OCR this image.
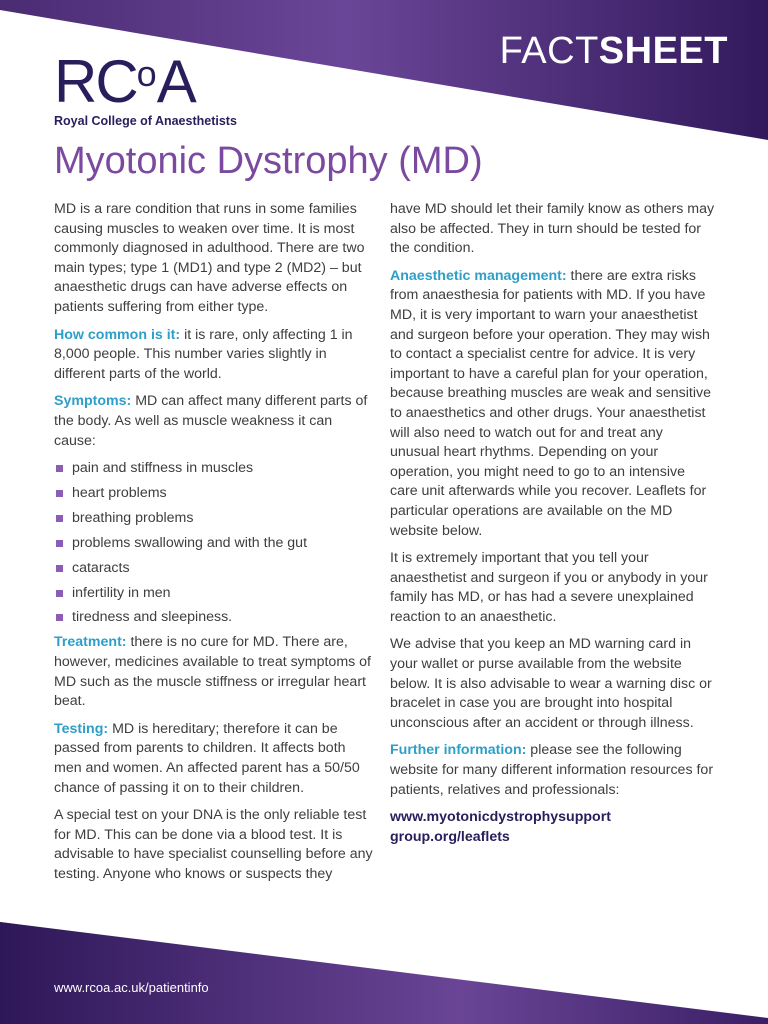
FACTSHEET
$RC^oA$
Royal College of Anaesthetists
Myotonic Dystrophy (MD)

MD is a rare condition that runs in some families causing muscles to weaken over time. It is most commonly diagnosed in adulthood. There are two main types; type 1 (MD1) and type 2 (MD2) – but anaesthetic drugs can have adverse effects on patients suffering from either type.

How common is it: it is rare, only affecting 1 in 8,000 people. This number varies slightly in different parts of the world.

Symptoms: MD can affect many different parts of the body. As well as muscle weakness it can cause:

pain and stiffness in muscles
heart problems
breathing problems
problems swallowing and with the gut
cataracts
infertility in men
tiredness and sleepiness.

Treatment: there is no cure for MD. There are, however, medicines available to treat symptoms of MD such as the muscle stiffness or irregular heart beat.

Testing: MD is hereditary; therefore it can be passed from parents to children. It affects both men and women. An affected parent has a 50/50 chance of passing it on to their children.

A special test on your DNA is the only reliable test for MD. This can be done via a blood test. It is advisable to have specialist counselling before any testing. Anyone who knows or suspects they

have MD should let their family know as others may also be affected. They in turn should be tested for the condition.

Anaesthetic management: there are extra risks from anaesthesia for patients with MD. If you have MD, it is very important to warn your anaesthetist and surgeon before your operation. They may wish to contact a specialist centre for advice. It is very important to have a careful plan for your operation, because breathing muscles are weak and sensitive to anaesthetics and other drugs. Your anaesthetist will also need to watch out for and treat any unusual heart rhythms. Depending on your operation, you might need to go to an intensive care unit afterwards while you recover. Leaflets for particular operations are available on the MD website below.

It is extremely important that you tell your anaesthetist and surgeon if you or anybody in your family has MD, or has had a severe unexplained reaction to an anaesthetic.

We advise that you keep an MD warning card in your wallet or purse available from the website below. It is also advisable to wear a warning disc or bracelet in case you are brought into hospital unconscious after an accident or through illness.

Further information: please see the following website for many different information resources for patients, relatives and professionals:

www.myotonicdystrophysupport
group.org/leaflets

www.rcoa.ac.uk/patientinfo
